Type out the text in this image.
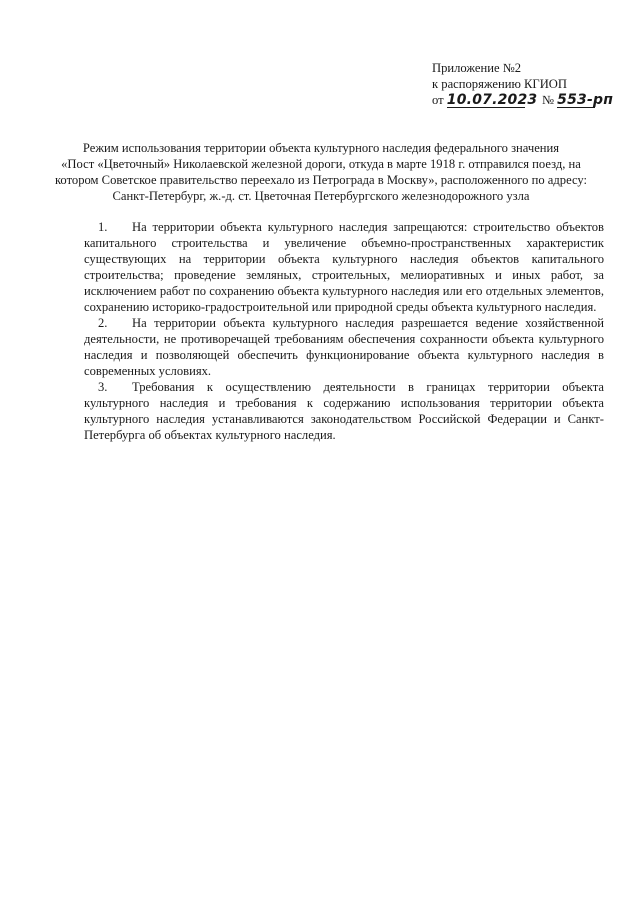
Приложение №2
к распоряжению КГИОП
от 10.07.2023 № 553-рп
Режим использования территории объекта культурного наследия федерального значения
«Пост «Цветочный» Николаевской железной дороги, откуда в марте 1918 г. отправился поезд, на
котором Советское правительство переехало из Петрограда в Москву», расположенного по адресу:
Санкт-Петербург, ж.-д. ст. Цветочная Петербургского железнодорожного узла

1. На территории объекта культурного наследия запрещаются: строительство объектов капитального строительства и увеличение объемно-пространственных характеристик существующих на территории объекта культурного наследия объектов капитального строительства; проведение земляных, строительных, мелиоративных и иных работ, за исключением работ по сохранению объекта культурного наследия или его отдельных элементов, сохранению историко-градостроительной или природной среды объекта культурного наследия.

2. На территории объекта культурного наследия разрешается ведение хозяйственной деятельности, не противоречащей требованиям обеспечения сохранности объекта культурного наследия и позволяющей обеспечить функционирование объекта культурного наследия в современных условиях.

3. Требования к осуществлению деятельности в границах территории объекта культурного наследия и требования к содержанию использования территории объекта культурного наследия устанавливаются законодательством Российской Федерации и Санкт-Петербурга об объектах культурного наследия.
